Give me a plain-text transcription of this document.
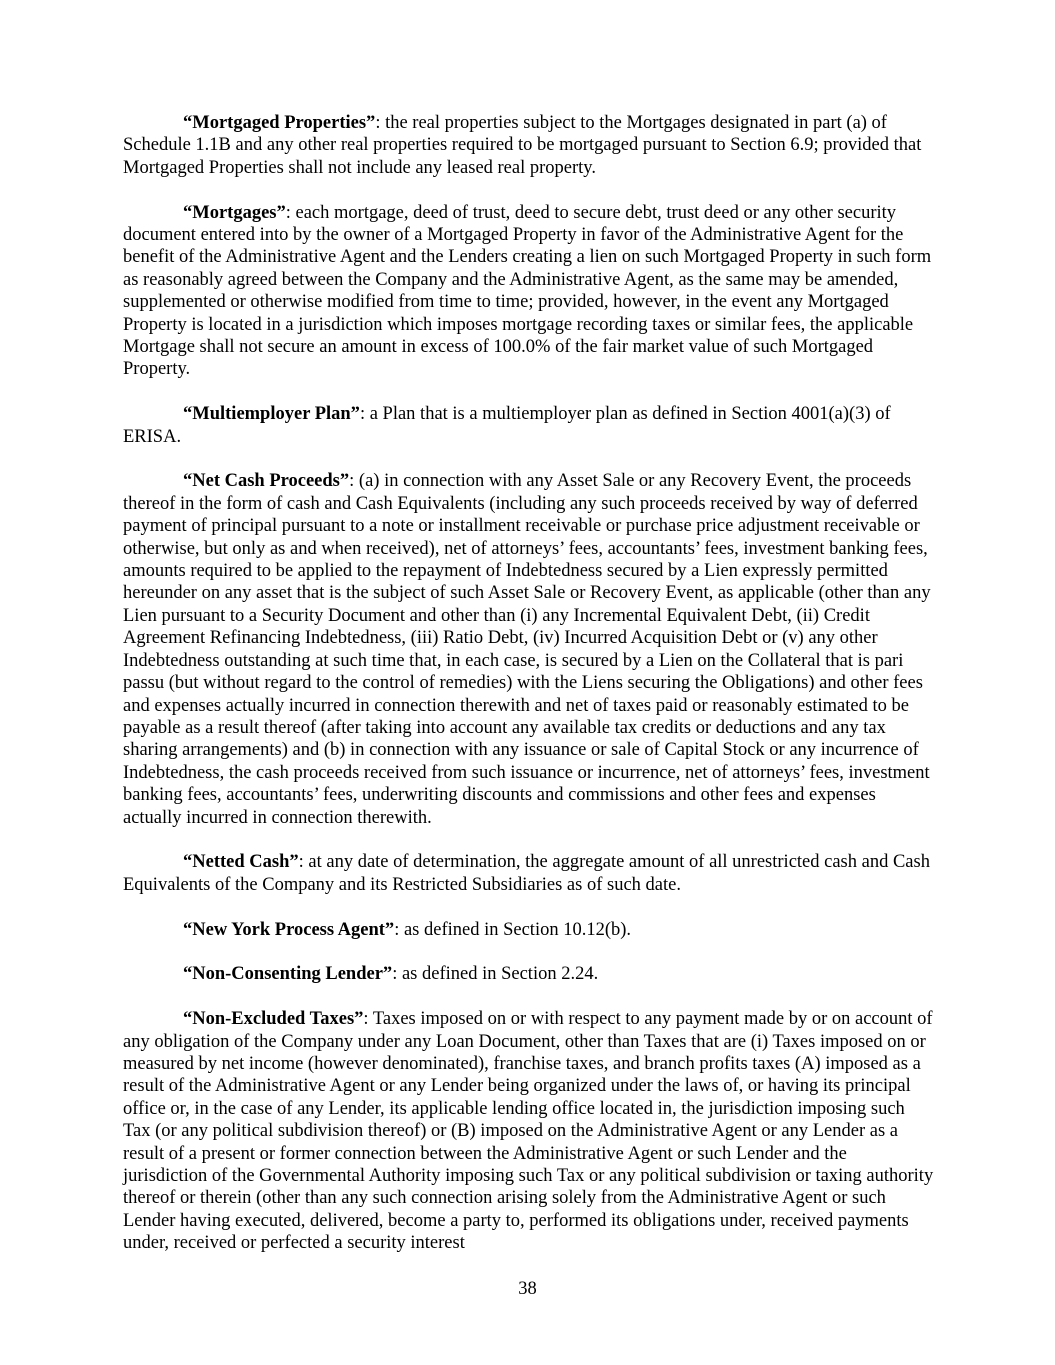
“Mortgaged Properties”: the real properties subject to the Mortgages designated in part (a) of Schedule 1.1B and any other real properties required to be mortgaged pursuant to Section 6.9; provided that Mortgaged Properties shall not include any leased real property.

“Mortgages”: each mortgage, deed of trust, deed to secure debt, trust deed or any other security document entered into by the owner of a Mortgaged Property in favor of the Administrative Agent for the benefit of the Administrative Agent and the Lenders creating a lien on such Mortgaged Property in such form as reasonably agreed between the Company and the Administrative Agent, as the same may be amended, supplemented or otherwise modified from time to time; provided, however, in the event any Mortgaged Property is located in a jurisdiction which imposes mortgage recording taxes or similar fees, the applicable Mortgage shall not secure an amount in excess of 100.0% of the fair market value of such Mortgaged Property.

“Multiemployer Plan”: a Plan that is a multiemployer plan as defined in Section 4001(a)(3) of ERISA.

“Net Cash Proceeds”: (a) in connection with any Asset Sale or any Recovery Event, the proceeds thereof in the form of cash and Cash Equivalents (including any such proceeds received by way of deferred payment of principal pursuant to a note or installment receivable or purchase price adjustment receivable or otherwise, but only as and when received), net of attorneys’ fees, accountants’ fees, investment banking fees, amounts required to be applied to the repayment of Indebtedness secured by a Lien expressly permitted hereunder on any asset that is the subject of such Asset Sale or Recovery Event, as applicable (other than any Lien pursuant to a Security Document and other than (i) any Incremental Equivalent Debt, (ii) Credit Agreement Refinancing Indebtedness, (iii) Ratio Debt, (iv) Incurred Acquisition Debt or (v) any other Indebtedness outstanding at such time that, in each case, is secured by a Lien on the Collateral that is pari passu (but without regard to the control of remedies) with the Liens securing the Obligations) and other fees and expenses actually incurred in connection therewith and net of taxes paid or reasonably estimated to be payable as a result thereof (after taking into account any available tax credits or deductions and any tax sharing arrangements) and (b) in connection with any issuance or sale of Capital Stock or any incurrence of Indebtedness, the cash proceeds received from such issuance or incurrence, net of attorneys’ fees, investment banking fees, accountants’ fees, underwriting discounts and commissions and other fees and expenses actually incurred in connection therewith.

“Netted Cash”: at any date of determination, the aggregate amount of all unrestricted cash and Cash Equivalents of the Company and its Restricted Subsidiaries as of such date.

“New York Process Agent”: as defined in Section 10.12(b).

“Non-Consenting Lender”: as defined in Section 2.24.

“Non-Excluded Taxes”: Taxes imposed on or with respect to any payment made by or on account of any obligation of the Company under any Loan Document, other than Taxes that are (i) Taxes imposed on or measured by net income (however denominated), franchise taxes, and branch profits taxes (A) imposed as a result of the Administrative Agent or any Lender being organized under the laws of, or having its principal office or, in the case of any Lender, its applicable lending office located in, the jurisdiction imposing such Tax (or any political subdivision thereof) or (B) imposed on the Administrative Agent or any Lender as a result of a present or former connection between the Administrative Agent or such Lender and the jurisdiction of the Governmental Authority imposing such Tax or any political subdivision or taxing authority thereof or therein (other than any such connection arising solely from the Administrative Agent or such Lender having executed, delivered, become a party to, performed its obligations under, received payments under, received or perfected a security interest

38
